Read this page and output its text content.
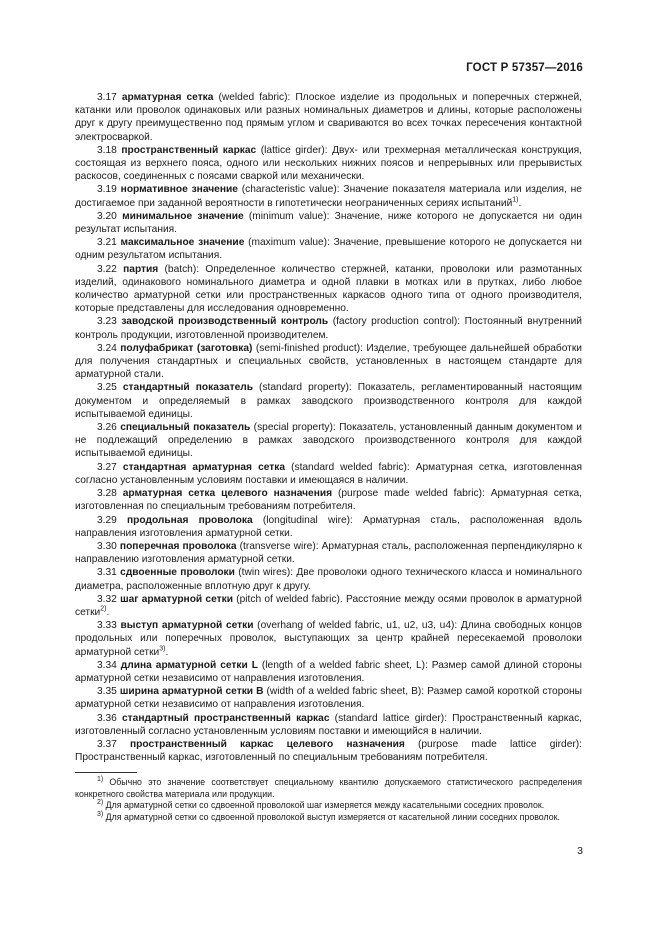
ГОСТ Р 57357—2016

3.17 арматурная сетка (welded fabric): Плоское изделие из продольных и поперечных стержней, катанки или проволок одинаковых или разных номинальных диаметров и длины, которые расположены друг к другу преимущественно под прямым углом и свариваются во всех точках пересечения контактной электросваркой.

3.18 пространственный каркас (lattice girder): Двух- или трехмерная металлическая конструкция, состоящая из верхнего пояса, одного или нескольких нижних поясов и непрерывных или прерывистых раскосов, соединенных с поясами сваркой или механически.

3.19 нормативное значение (characteristic value): Значение показателя материала или изделия, не достигаемое при заданной вероятности в гипотетически неограниченных сериях испытаний$^{1)}$.

3.20 минимальное значение (minimum value): Значение, ниже которого не допускается ни один результат испытания.

3.21 максимальное значение (maximum value): Значение, превышение которого не допускается ни одним результатом испытания.

3.22 партия (batch): Определенное количество стержней, катанки, проволоки или размотанных изделий, одинакового номинального диаметра и одной плавки в мотках или в прутках, либо любое количество арматурной сетки или пространственных каркасов одного типа от одного производителя, которые представлены для исследования одновременно.

3.23 заводской производственный контроль (factory production control): Постоянный внутренний контроль продукции, изготовленной производителем.

3.24 полуфабрикат (заготовка) (semi-finished product): Изделие, требующее дальнейшей обработки для получения стандартных и специальных свойств, установленных в настоящем стандарте для арматурной стали.

3.25 стандартный показатель (standard property): Показатель, регламентированный настоящим документом и определяемый в рамках заводского производственного контроля для каждой испытываемой единицы.

3.26 специальный показатель (special property): Показатель, установленный данным документом и не подлежащий определению в рамках заводского производственного контроля для каждой испытываемой единицы.

3.27 стандартная арматурная сетка (standard welded fabric): Арматурная сетка, изготовленная согласно установленным условиям поставки и имеющаяся в наличии.

3.28 арматурная сетка целевого назначения (purpose made welded fabric): Арматурная сетка, изготовленная по специальным требованиям потребителя.

3.29 продольная проволока (longitudinal wire): Арматурная сталь, расположенная вдоль направления изготовления арматурной сетки.

3.30 поперечная проволока (transverse wire): Арматурная сталь, расположенная перпендикулярно к направлению изготовления арматурной сетки.

3.31 сдвоенные проволоки (twin wires): Две проволоки одного технического класса и номинального диаметра, расположенные вплотную друг к другу.

3.32 шаг арматурной сетки (pitch of welded fabric). Расстояние между осями проволок в арматурной сетки$^{2)}$.

3.33 выступ арматурной сетки (overhang of welded fabric, u1, u2, u3, u4): Длина свободных концов продольных или поперечных проволок, выступающих за центр крайней пересекаемой проволоки арматурной сетки$^{3)}$.

3.34 длина арматурной сетки L (length of a welded fabric sheet, L): Размер самой длиной стороны арматурной сетки независимо от направления изготовления.

3.35 ширина арматурной сетки B (width of a welded fabric sheet, B): Размер самой короткой стороны арматурной сетки независимо от направления изготовления.

3.36 стандартный пространственный каркас (standard lattice girder): Пространственный каркас, изготовленный согласно установленным условиям поставки и имеющийся в наличии.

3.37 пространственный каркас целевого назначения (purpose made lattice girder): Пространственный каркас, изготовленный по специальным требованиям потребителя.

$^{1)}$ Обычно это значение соответствует специальному квантилю допускаемого статистического распределения конкретного свойства материала или продукции.

$^{2)}$ Для арматурной сетки со сдвоенной проволокой шаг измеряется между касательными соседних проволок.

$^{3)}$ Для арматурной сетки со сдвоенной проволокой выступ измеряется от касательной линии соседних проволок.

3
